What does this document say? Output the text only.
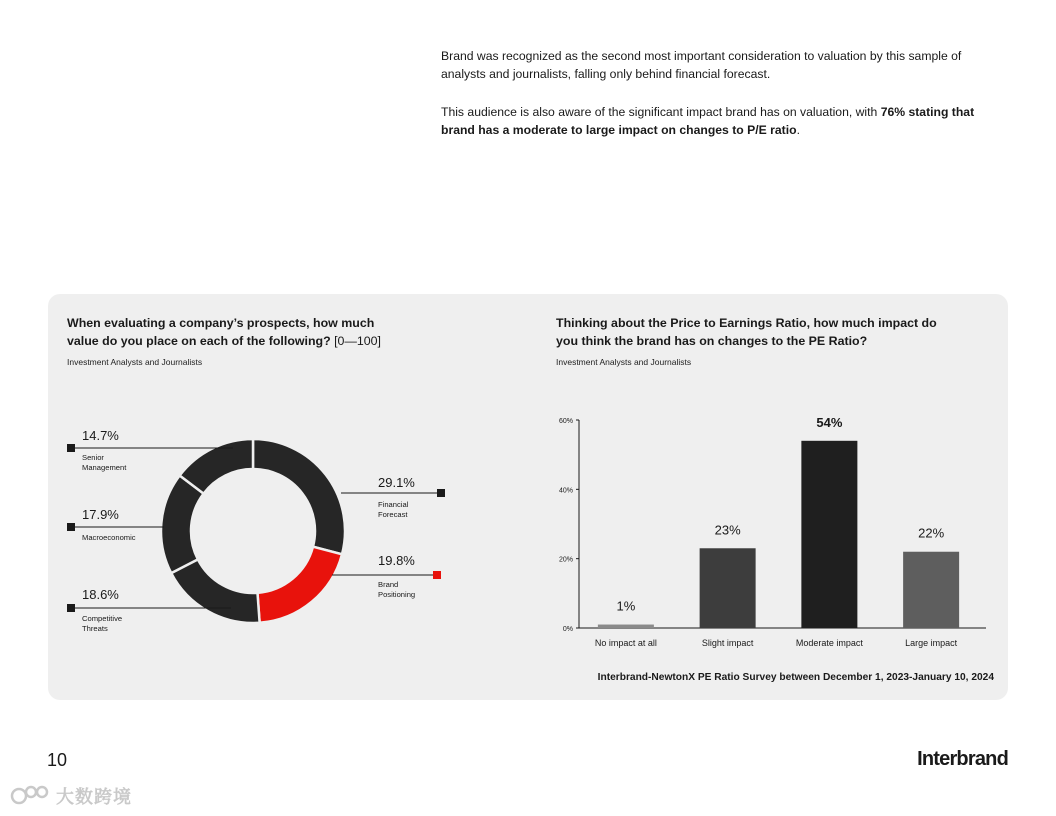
Brand was recognized as the second most important consideration to valuation by this sample of analysts and journalists, falling only behind financial forecast.

This audience is also aware of the significant impact brand has on valuation, with 76% stating that brand has a moderate to large impact on changes to P/E ratio.

When evaluating a company’s prospects, how much value do you place on each of the following? [0—100]

Investment Analysts and Journalists

29.1%
Financial
Forecast
19.8%
Brand
Positioning
18.6%
Competitive
Threats
17.9%
Macroeconomic
14.7%
Senior
Management

Thinking about the Price to Earnings Ratio, how much impact do you think the brand has on changes to the PE Ratio?

Investment Analysts and Journalists

0%
20%
40%
60%
1%
No impact at all
23%
Slight impact
54%
Moderate impact
22%
Large impact
Interbrand-NewtonX PE Ratio Survey between December 1, 2023-January 10, 2024
10	Interbrand
大数跨境
